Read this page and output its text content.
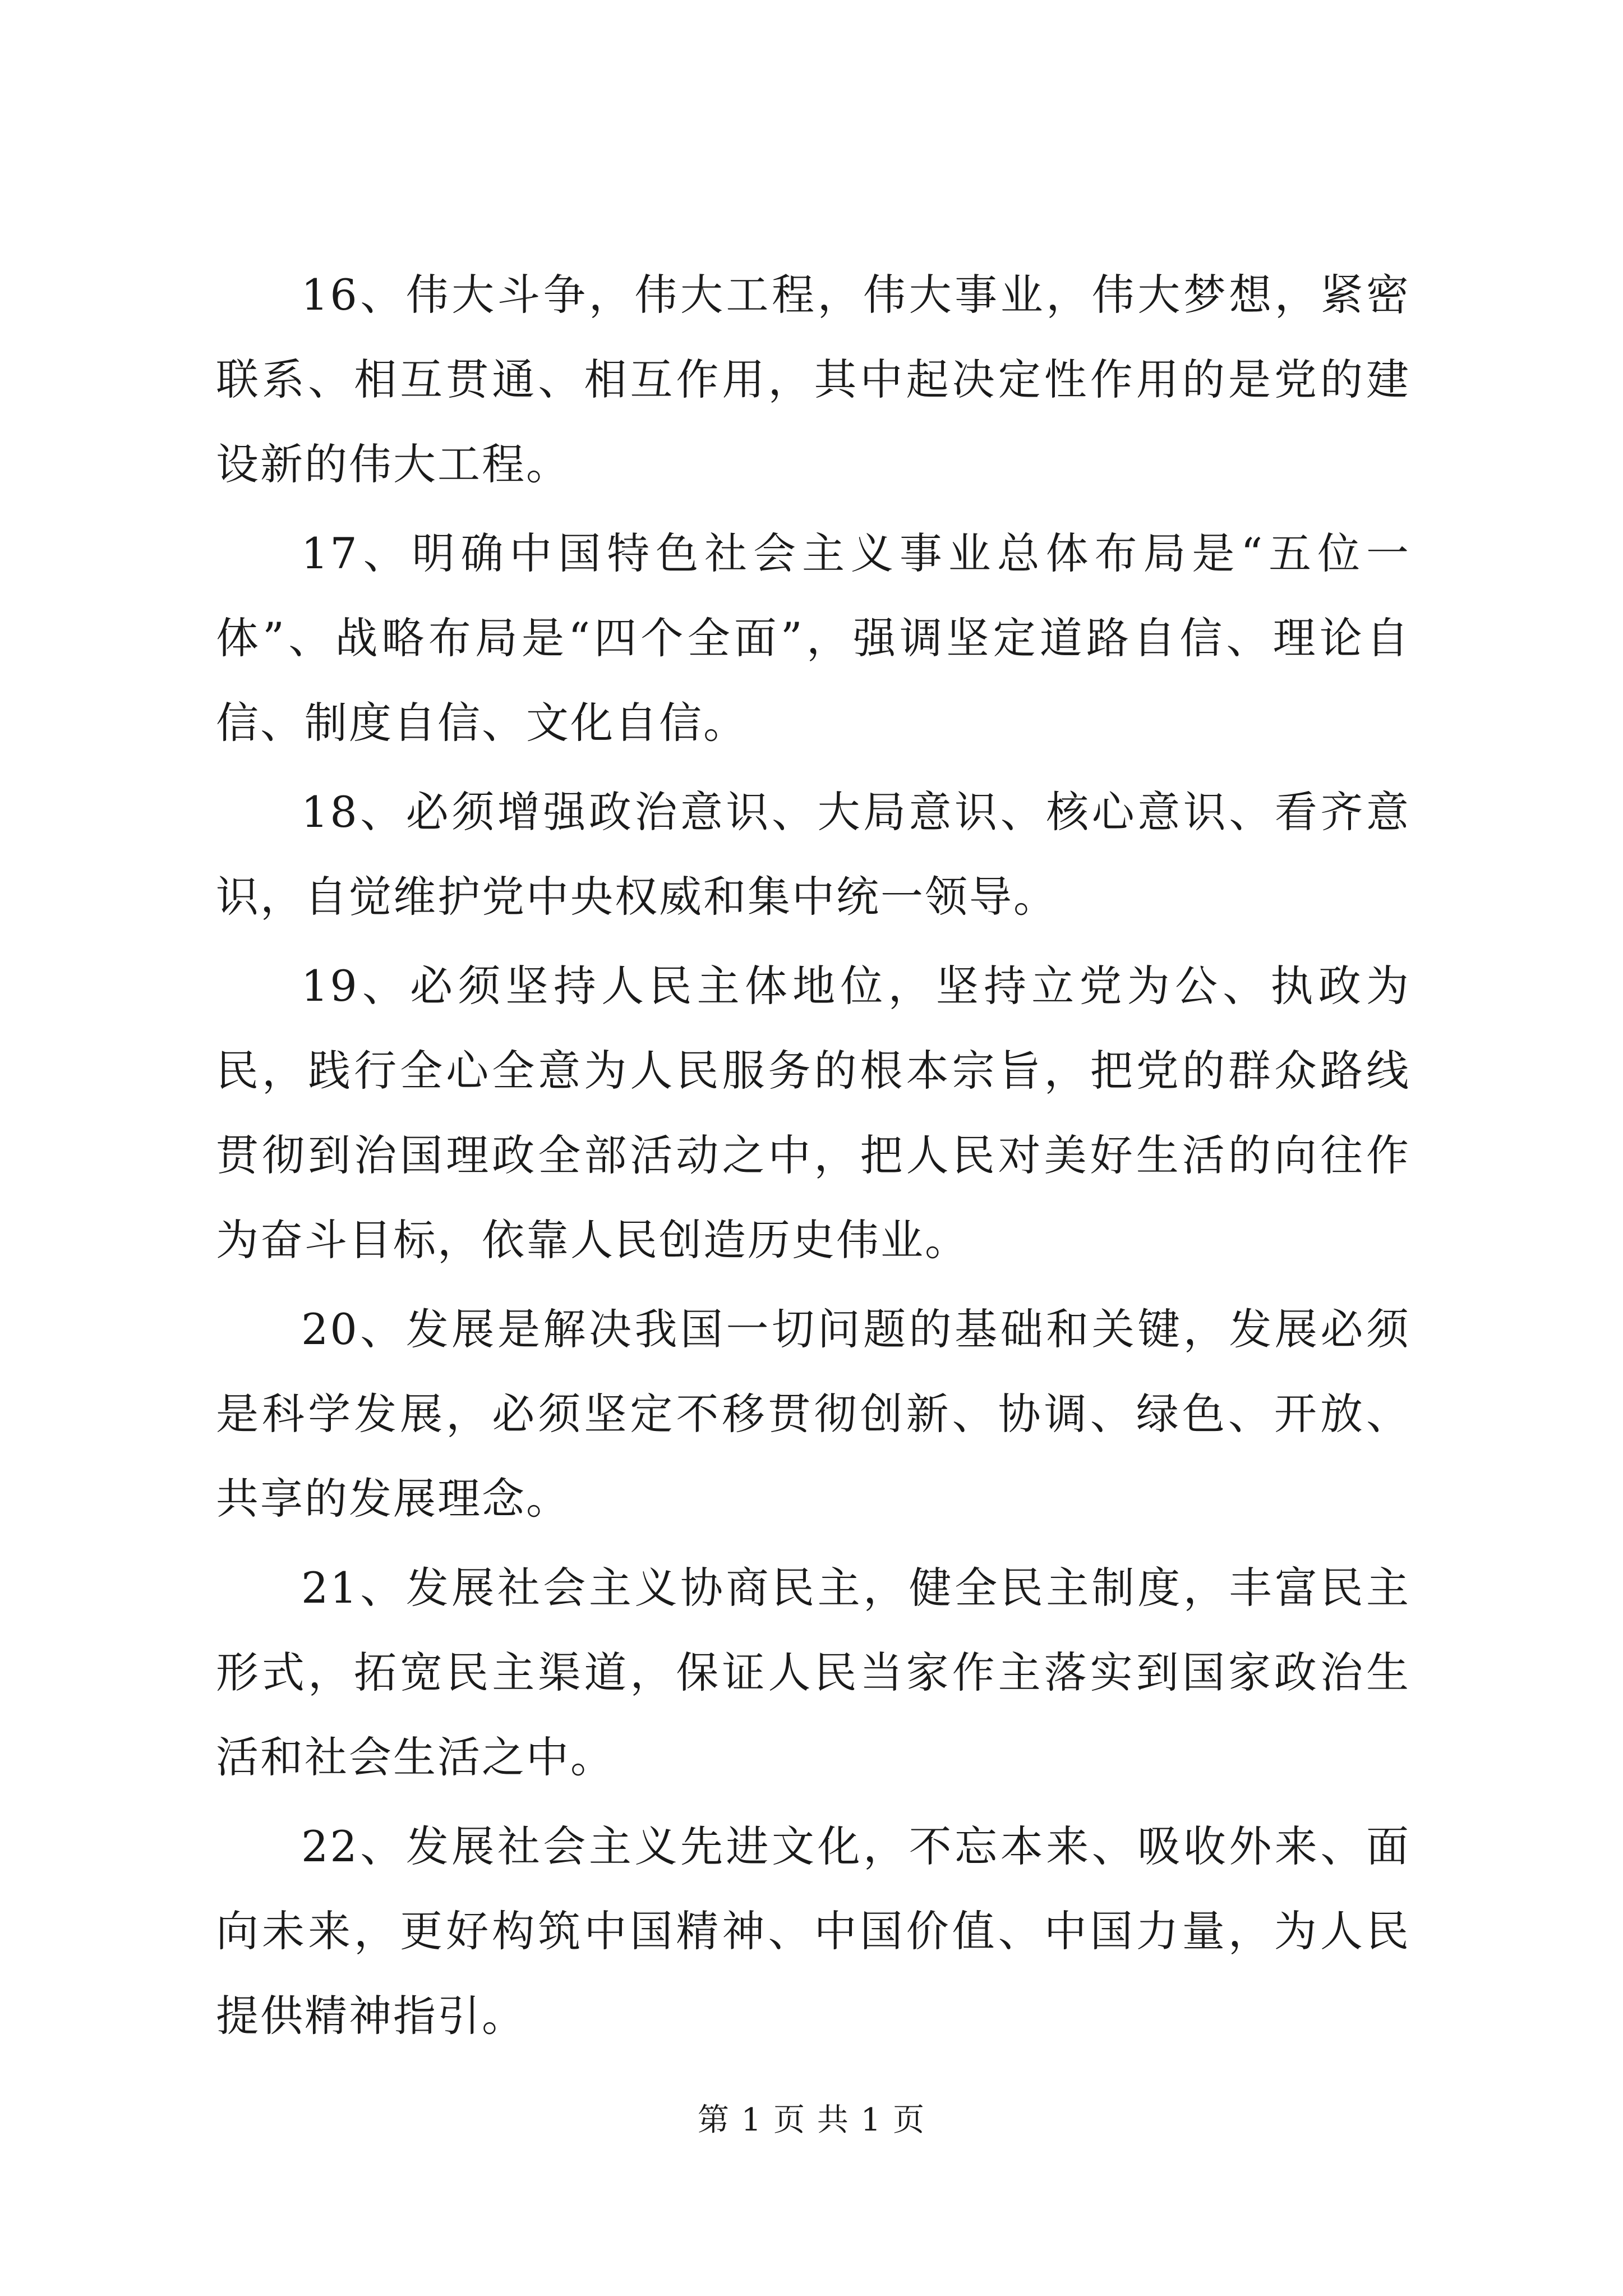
16、伟大斗争，伟大工程，伟大事业，伟大梦想，紧密联系、相互贯通、相互作用，其中起决定性作用的是党的建设新的伟大工程。

17、明确中国特色社会主义事业总体布局是“五位一体”、战略布局是“四个全面”，强调坚定道路自信、理论自信、制度自信、文化自信。

18、必须增强政治意识、大局意识、核心意识、看齐意识，自觉维护党中央权威和集中统一领导。

19、必须坚持人民主体地位，坚持立党为公、执政为民，践行全心全意为人民服务的根本宗旨，把党的群众路线贯彻到治国理政全部活动之中，把人民对美好生活的向往作为奋斗目标，依靠人民创造历史伟业。

20、发展是解决我国一切问题的基础和关键，发展必须是科学发展，必须坚定不移贯彻创新、协调、绿色、开放、共享的发展理念。

21、发展社会主义协商民主，健全民主制度，丰富民主形式，拓宽民主渠道，保证人民当家作主落实到国家政治生活和社会生活之中。

22、发展社会主义先进文化，不忘本来、吸收外来、面向未来，更好构筑中国精神、中国价值、中国力量，为人民提供精神指引。

第 1 页 共 1 页
